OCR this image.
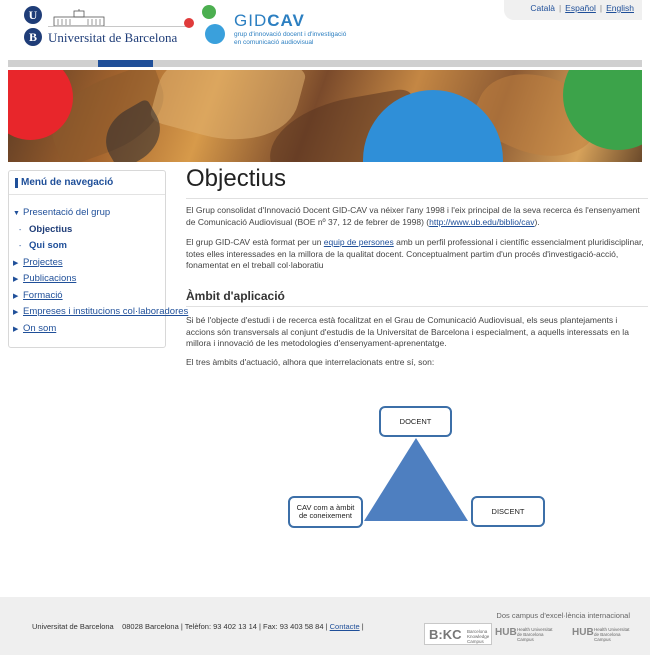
U
B Universitat de Barcelona
GIDCAV
grup d'innovació docent i d'investigació
en comunicació audiovisual
Català | Español | English
Menú de navegació
▼ Presentació del grup
- Objectius
- Qui som
▶ Projectes
▶ Publicacions
▶ Formació
▶ Empreses i institucions col·laboradores
▶ On som
Objectius

El Grup consolidat d'Innovació Docent GID-CAV va néixer l'any 1998 i l'eix principal de la seva recerca és l'ensenyament de Comunicació Audiovisual (BOE nº 37, 12 de febrer de 1998) (http://www.ub.edu/biblio/cav).

El grup GID-CAV està format per un equip de persones amb un perfil professional i científic essencialment pluridisciplinar, totes elles interessades en la millora de la qualitat docent. Conceptualment partim d'un procés d'investigació-acció, fonamentat en el treball col·laboratiu

Àmbit d'aplicació

Si bé l'objecte d'estudi i de recerca està focalitzat en el Grau de Comunicació Audiovisual, els seus plantejaments i accions són transversals al conjunt d'estudis de la Universitat de Barcelona i especialment, a aquells interessats en la millora i innovació de les metodologies d'ensenyament-aprenentatge.

El tres àmbits d'actuació, alhora que interrelacionats entre sí, son:

DOCENT
DISCENT
CAV com a àmbit
de coneixement
Universitat de Barcelona 08028 Barcelona | Telèfon: 93 402 13 14 | Fax: 93 403 58 84 | Contacte |
Dos campus d'excel·lència internacional
B:KC Barcelona Knowledge Campus
HUB Health Universitat de Barcelona Campus
HUB Health Universitat de Barcelona Campus
